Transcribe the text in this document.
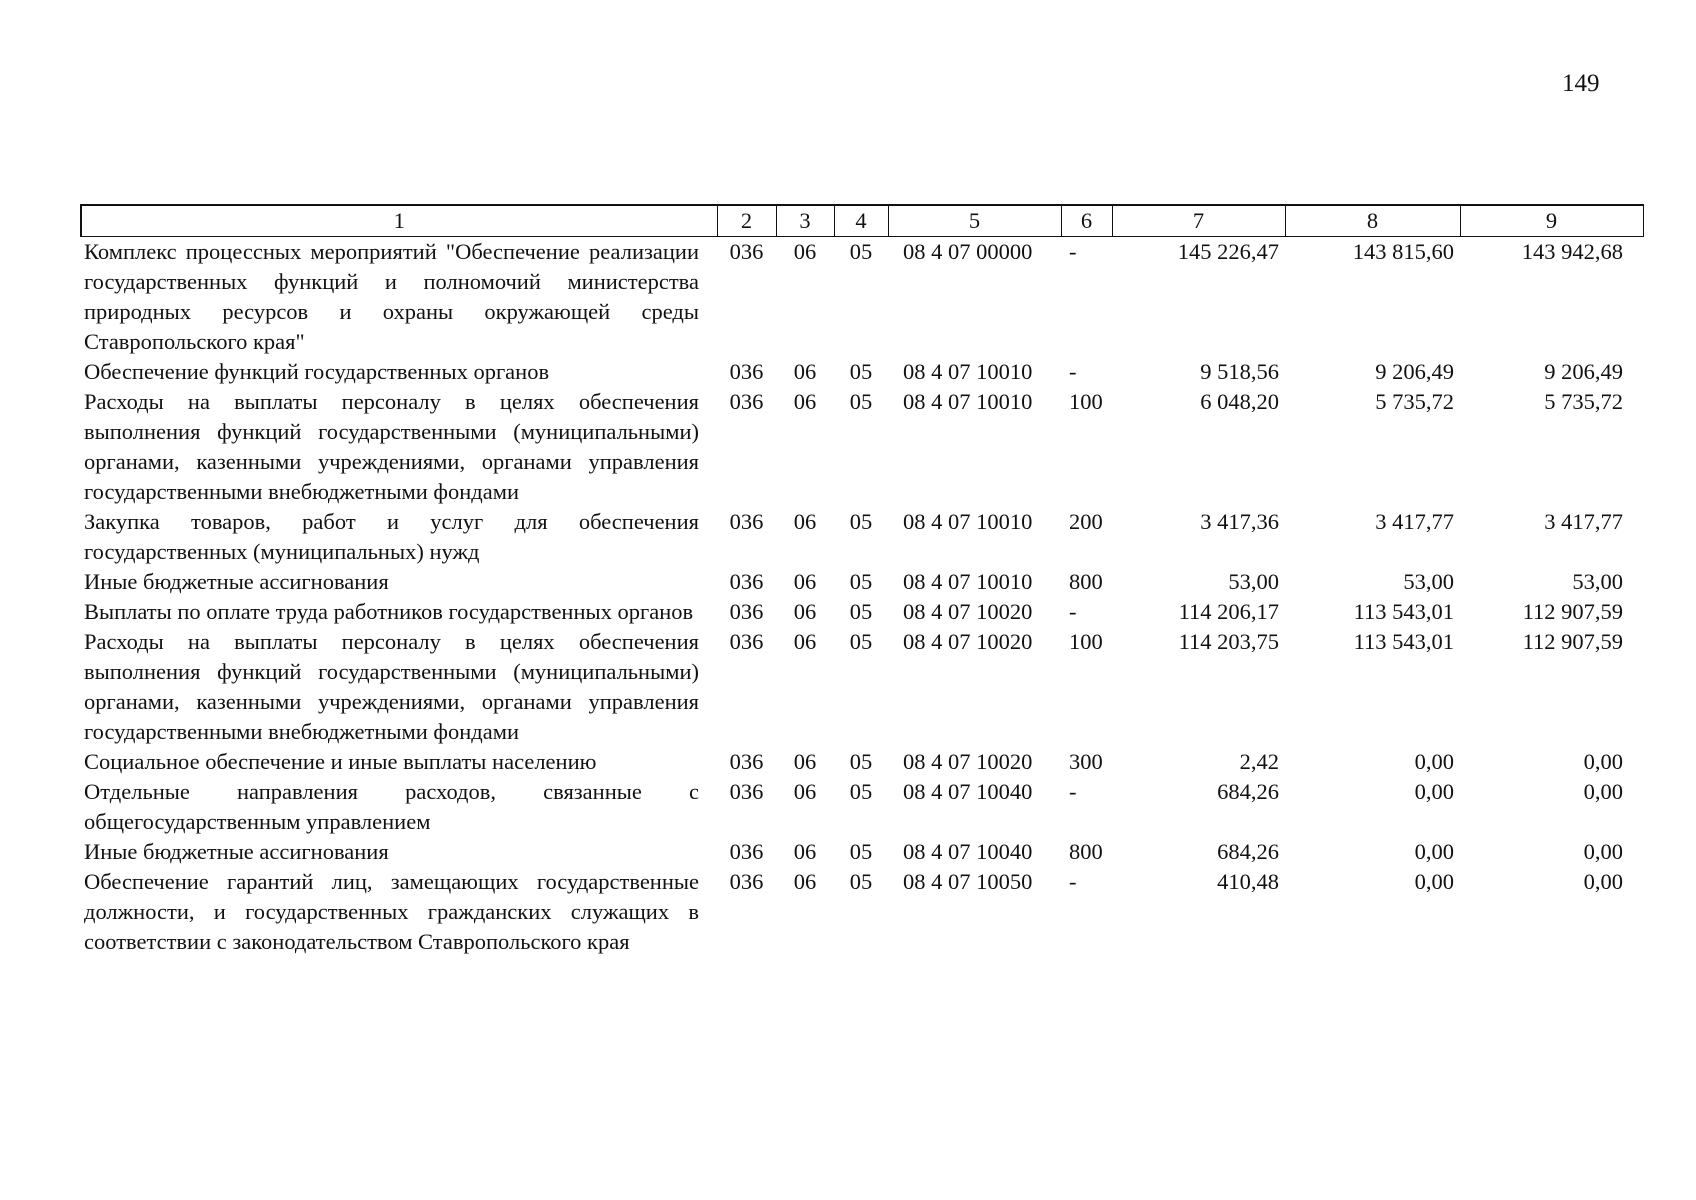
149
1	2	3	4	5	6	7	8	9
Комплекс процессных мероприятий "Обеспечение реализации государственных функций и полномочий министерства природных ресурсов и охраны окружающей среды Ставропольского края"	036	06	05	08 4 07 00000	-	145 226,47	143 815,60	143 942,68
Обеспечение функций государственных органов	036	06	05	08 4 07 10010	-	9 518,56	9 206,49	9 206,49
Расходы на выплаты персоналу в целях обеспечения выполнения функций государственными (муниципальными) органами, казенными учреждениями, органами управления государственными внебюджетными фондами	036	06	05	08 4 07 10010	100	6 048,20	5 735,72	5 735,72
Закупка товаров, работ и услуг для обеспечения государственных (муниципальных) нужд	036	06	05	08 4 07 10010	200	3 417,36	3 417,77	3 417,77
Иные бюджетные ассигнования	036	06	05	08 4 07 10010	800	53,00	53,00	53,00
Выплаты по оплате труда работников государственных органов	036	06	05	08 4 07 10020	-	114 206,17	113 543,01	112 907,59
Расходы на выплаты персоналу в целях обеспечения выполнения функций государственными (муниципальными) органами, казенными учреждениями, органами управления государственными внебюджетными фондами	036	06	05	08 4 07 10020	100	114 203,75	113 543,01	112 907,59
Социальное обеспечение и иные выплаты населению	036	06	05	08 4 07 10020	300	2,42	0,00	0,00
Отдельные направления расходов, связанные с общегосударственным управлением	036	06	05	08 4 07 10040	-	684,26	0,00	0,00
Иные бюджетные ассигнования	036	06	05	08 4 07 10040	800	684,26	0,00	0,00
Обеспечение гарантий лиц, замещающих государственные должности, и государственных гражданских служащих в соответствии с законодательством Ставропольского края	036	06	05	08 4 07 10050	-	410,48	0,00	0,00
